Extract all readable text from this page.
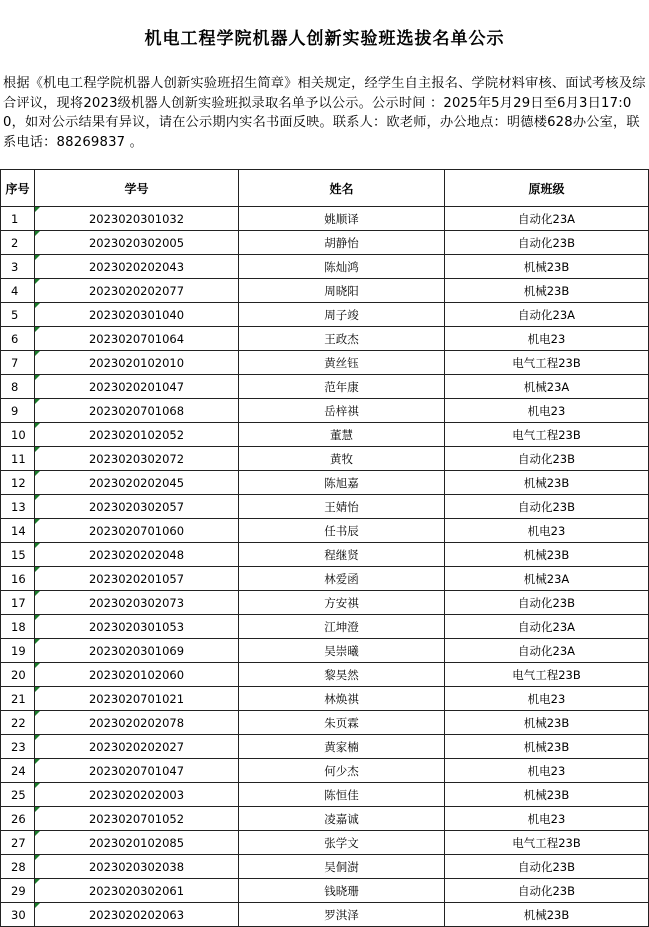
机电工程学院机器人创新实验班选拔名单公示
根据《机电工程学院机器人创新实验班招生简章》相关规定，经学生自主报名、学院材料审核、面试考核及综合评议，现将2023级机器人创新实验班拟录取名单予以公示。公示时间 ：2025年5月29日至6月3日17:00，如对公示结果有异议，请在公示期内实名书面反映。联系人：欧老师，办公地点：明德楼628办公室，联系电话：88269837 。
序号	学号	姓名	原班级
1	2023020301032	姚顺译	自动化23A
2	2023020302005	胡静怡	自动化23B
3	2023020202043	陈灿鸿	机械23B
4	2023020202077	周晓阳	机械23B
5	2023020301040	周子竣	自动化23A
6	2023020701064	王政杰	机电23
7	2023020102010	黄丝钰	电气工程23B
8	2023020201047	范年康	机械23A
9	2023020701068	岳梓祺	机电23
10	2023020102052	董慧	电气工程23B
11	2023020302072	黄牧	自动化23B
12	2023020202045	陈旭嘉	机械23B
13	2023020302057	王婧怡	自动化23B
14	2023020701060	任书辰	机电23
15	2023020202048	程继贤	机械23B
16	2023020201057	林爱函	机械23A
17	2023020302073	方安祺	自动化23B
18	2023020301053	江坤澄	自动化23A
19	2023020301069	吴崇曦	自动化23A
20	2023020102060	黎昊然	电气工程23B
21	2023020701021	林焕祺	机电23
22	2023020202078	朱页霖	机械23B
23	2023020202027	黄家楠	机械23B
24	2023020701047	何少杰	机电23
25	2023020202003	陈恒佳	机械23B
26	2023020701052	凌嘉诚	机电23
27	2023020102085	张学文	电气工程23B
28	2023020302038	吴侗澍	自动化23B
29	2023020302061	钱晓珊	自动化23B
30	2023020202063	罗淇泽	机械23B
